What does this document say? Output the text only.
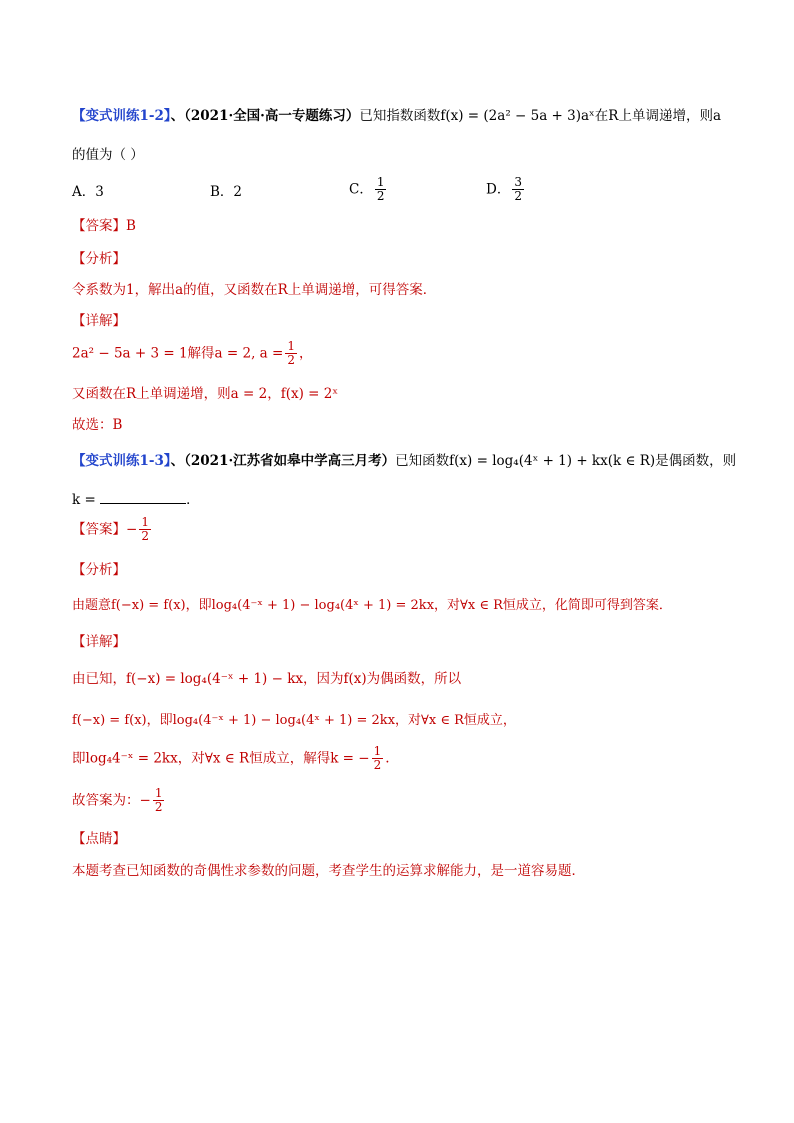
【变式训练1-2】、（2021·全国·高一专题练习）已知指数函数f(x) = (2a² − 5a + 3)aˣ在R上单调递增，则a
的值为（ ）
A．3	B．2	C． $\frac{1}{2}$	D． $\frac{3}{2}$
【答案】B
【分析】
令系数为1，解出a的值，又函数在R上单调递增，可得答案．
【详解】
2a² − 5a + 3 = 1解得a = 2, $a = \frac{1}{2}$ ，
又函数在R上单调递增，则a = 2，f(x) = 2ˣ
故选：B
【变式训练1-3】、（2021·江苏省如皋中学高三月考）已知函数f(x) = log₄(4ˣ + 1) + kx(k ∈ R)是偶函数，则
k =	．
【答案】− $\frac{1}{2}$
【分析】
由题意f(−x) = f(x)，即log₄(4⁻ˣ + 1) − log₄(4ˣ + 1) = 2kx，对∀x ∈ R恒成立，化简即可得到答案．
【详解】
由已知，f(−x) = log₄(4⁻ˣ + 1) − kx，因为f(x)为偶函数，所以
f(−x) = f(x)，即log₄(4⁻ˣ + 1) − log₄(4ˣ + 1) = 2kx，对∀x ∈ R恒成立，
即log₄4⁻ˣ = 2kx，对∀x ∈ R恒成立，解得k = − $\frac{1}{2}$ .
故答案为：− $\frac{1}{2}$
【点睛】
本题考查已知函数的奇偶性求参数的问题，考查学生的运算求解能力，是一道容易题．
